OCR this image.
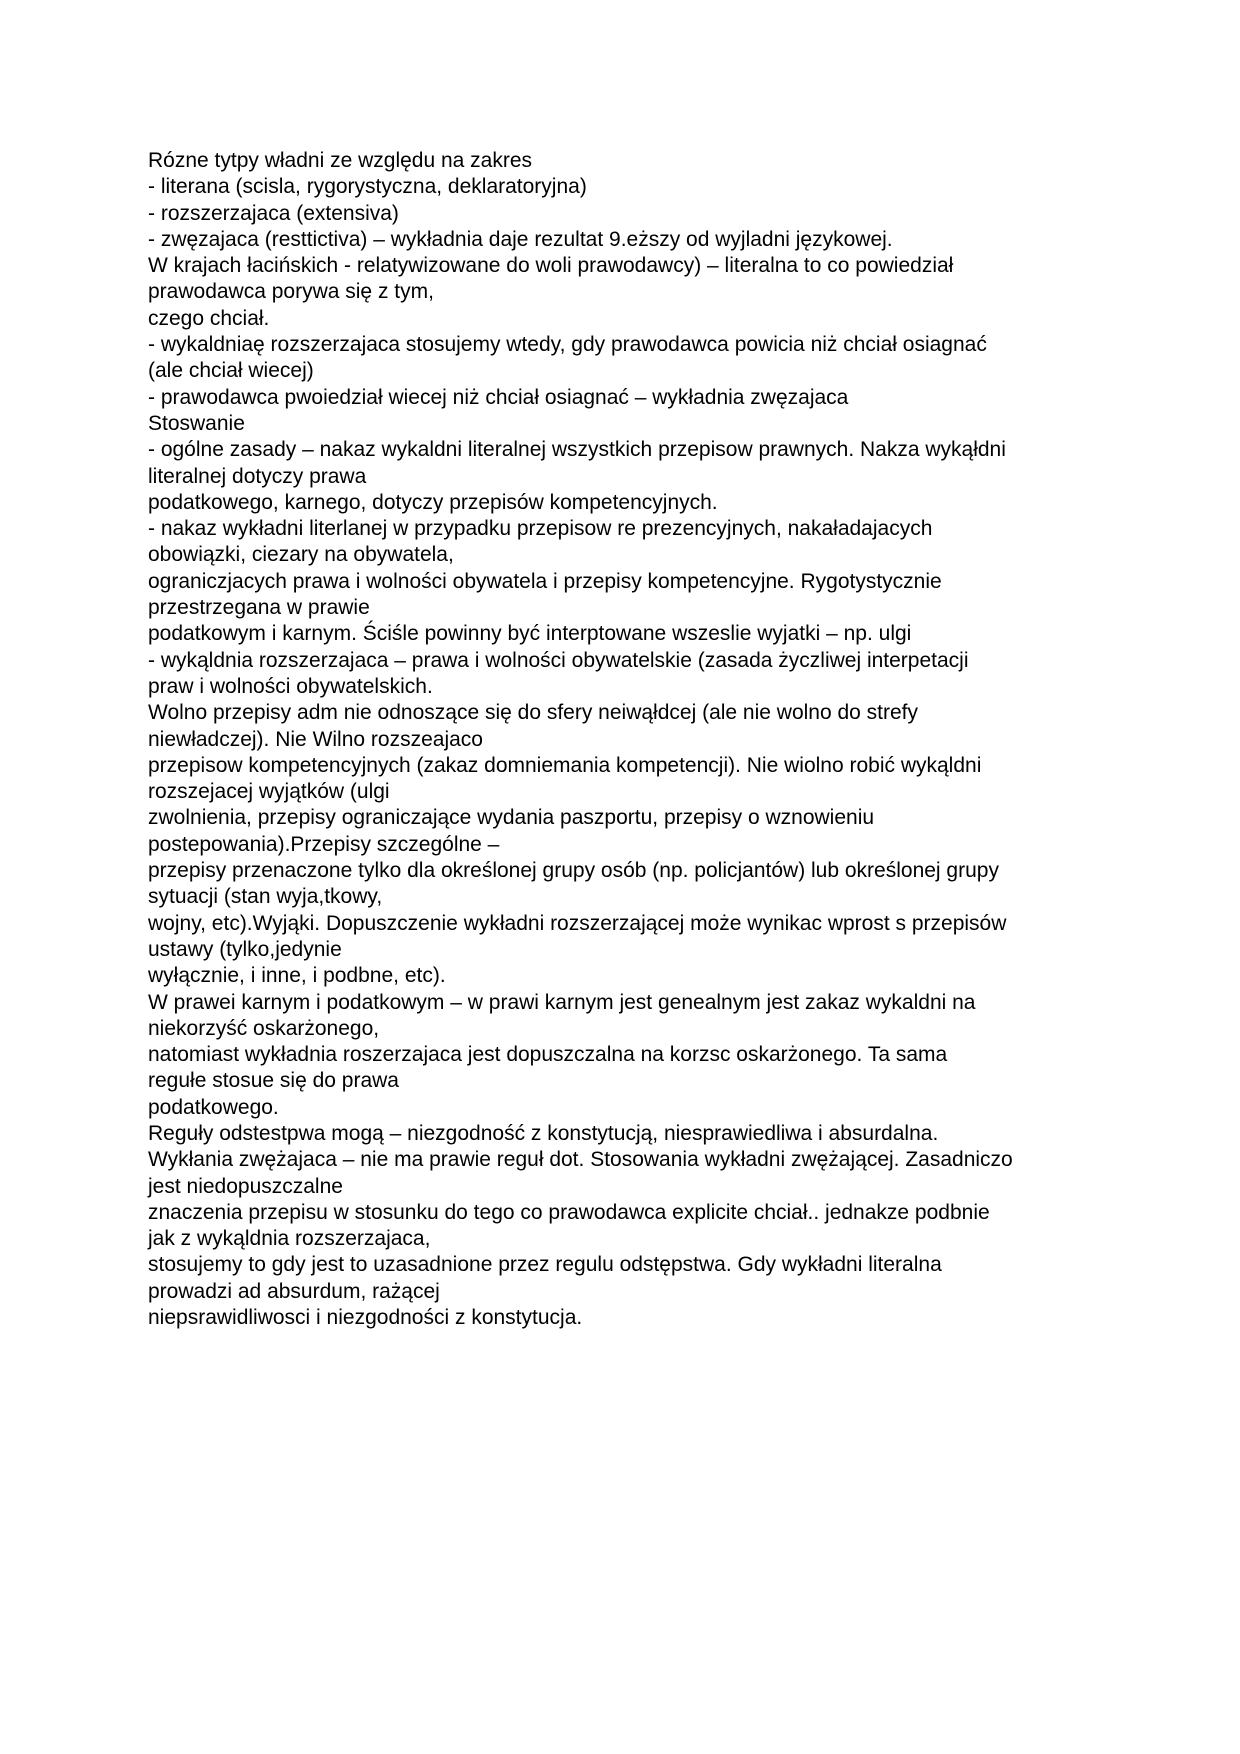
Rózne tytpy władni ze względu na zakres
- literana (scisla, rygorystyczna, deklaratoryjna)
- rozszerzajaca (extensiva)
- zwęzajaca (resttictiva) – wykładnia daje rezultat 9.eższy od wyjladni językowej.
W krajach łacińskich - relatywizowane do woli prawodawcy) – literalna to co powiedział
prawodawca porywa się z tym,
czego chciał.
- wykaldniaę rozszerzajaca stosujemy wtedy, gdy prawodawca powicia niż chciał osiagnać
(ale chciał wiecej)
- prawodawca pwoiedział wiecej niż chciał osiagnać – wykładnia zwęzajaca
Stoswanie
- ogólne zasady – nakaz wykaldni literalnej wszystkich przepisow prawnych. Nakza wykąłdni
literalnej dotyczy prawa
podatkowego, karnego, dotyczy przepisów kompetencyjnych.
- nakaz wykładni literlanej w przypadku przepisow re prezencyjnych, nakaładajacych
obowiązki, ciezary na obywatela,
ograniczjacych prawa i wolności obywatela i przepisy kompetencyjne. Rygotystycznie
przestrzegana w prawie
podatkowym i karnym. Ściśle powinny być interptowane wszeslie wyjatki – np. ulgi
- wykąldnia rozszerzajaca – prawa i wolności obywatelskie (zasada życzliwej interpetacji
praw i wolności obywatelskich.
Wolno przepisy adm nie odnoszące się do sfery neiwąłdcej (ale nie wolno do strefy
niewładczej). Nie Wilno rozszeajaco
przepisow kompetencyjnych (zakaz domniemania kompetencji). Nie wiolno robić wykąldni
rozszejacej wyjątków (ulgi
zwolnienia, przepisy ograniczające wydania paszportu, przepisy o wznowieniu
postepowania).Przepisy szczególne –
przepisy przenaczone tylko dla określonej grupy osób (np. policjantów) lub określonej grupy
sytuacji (stan wyja,tkowy,
wojny, etc).Wyjąki. Dopuszczenie wykładni rozszerzającej może wynikac wprost s przepisów
ustawy (tylko,jedynie
wyłącznie, i inne, i podbne, etc).
W prawei karnym i podatkowym – w prawi karnym jest genealnym jest zakaz wykaldni na
niekorzyść oskarżonego,
natomiast wykładnia roszerzajaca jest dopuszczalna na korzsc oskarżonego. Ta sama
regułe stosue się do prawa
podatkowego.
Reguły odstestpwa mogą – niezgodność z konstytucją, niesprawiedliwa i absurdalna.
Wykłania zwężajaca – nie ma prawie reguł dot. Stosowania wykładni zwężającej. Zasadniczo
jest niedopuszczalne
znaczenia przepisu w stosunku do tego co prawodawca explicite chciał.. jednakze podbnie
jak z wykąldnia rozszerzajaca,
stosujemy to gdy jest to uzasadnione przez regulu odstępstwa. Gdy wykładni literalna
prowadzi ad absurdum, rażącej
niepsrawidliwosci i niezgodności z konstytucja.
